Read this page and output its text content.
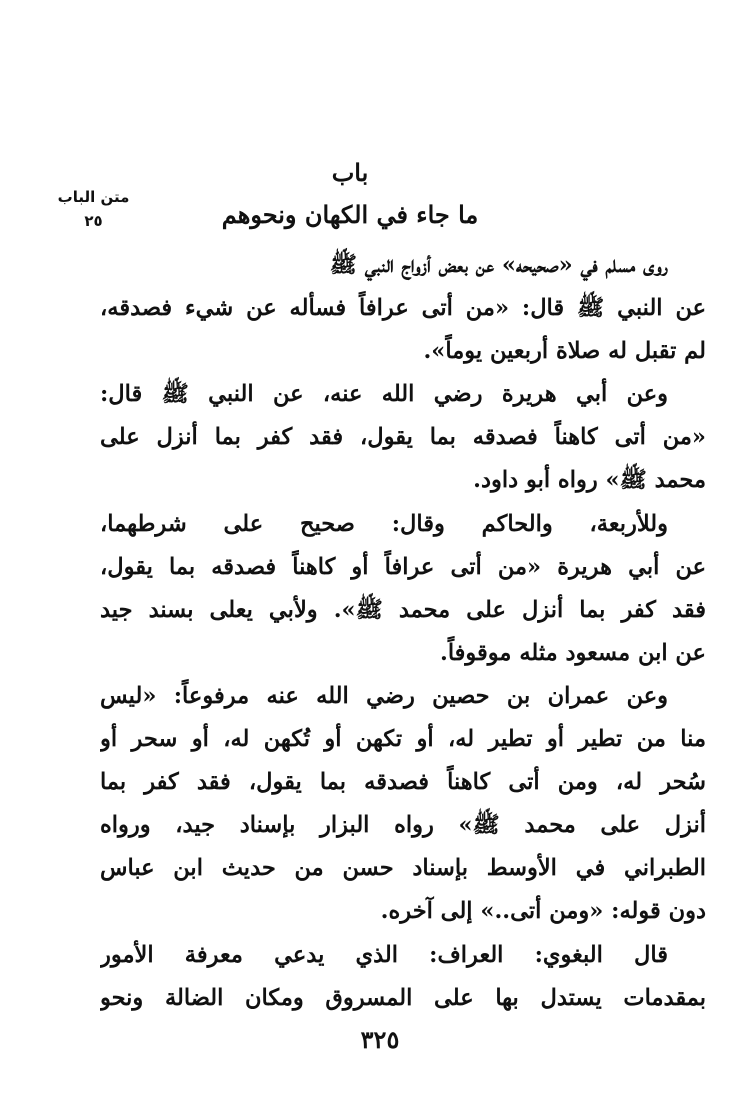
متن الباب
٢٥
باب
ما جاء في الكهان ونحوهم
روى مسلم في «صحيحه» عن بعض أزواج النبي ﷺ
عن النبي ﷺ قال: «من أتى عرافاً فسأله عن شيء فصدقه،
لم تقبل له صلاة أربعين يوماً».
وعن أبي هريرة رضي الله عنه، عن النبي ﷺ قال:
«من أتى كاهناً فصدقه بما يقول، فقد كفر بما أنزل على
محمد ﷺ» رواه أبو داود.
وللأربعة، والحاكم وقال: صحيح على شرطهما،
عن أبي هريرة «من أتى عرافاً أو كاهناً فصدقه بما يقول،
فقد كفر بما أنزل على محمد ﷺ». ولأبي يعلى بسند جيد
عن ابن مسعود مثله موقوفاً.
وعن عمران بن حصين رضي الله عنه مرفوعاً: «ليس
منا من تطير أو تطير له، أو تكهن أو تُكهن له، أو سحر أو
سُحر له، ومن أتى كاهناً فصدقه بما يقول، فقد كفر بما
أنزل على محمد ﷺ» رواه البزار بإسناد جيد، ورواه
الطبراني في الأوسط بإسناد حسن من حديث ابن عباس
دون قوله: «ومن أتى..» إلى آخره.
قال البغوي: العراف: الذي يدعي معرفة الأمور
بمقدمات يستدل بها على المسروق ومكان الضالة ونحو
٣٢٥
